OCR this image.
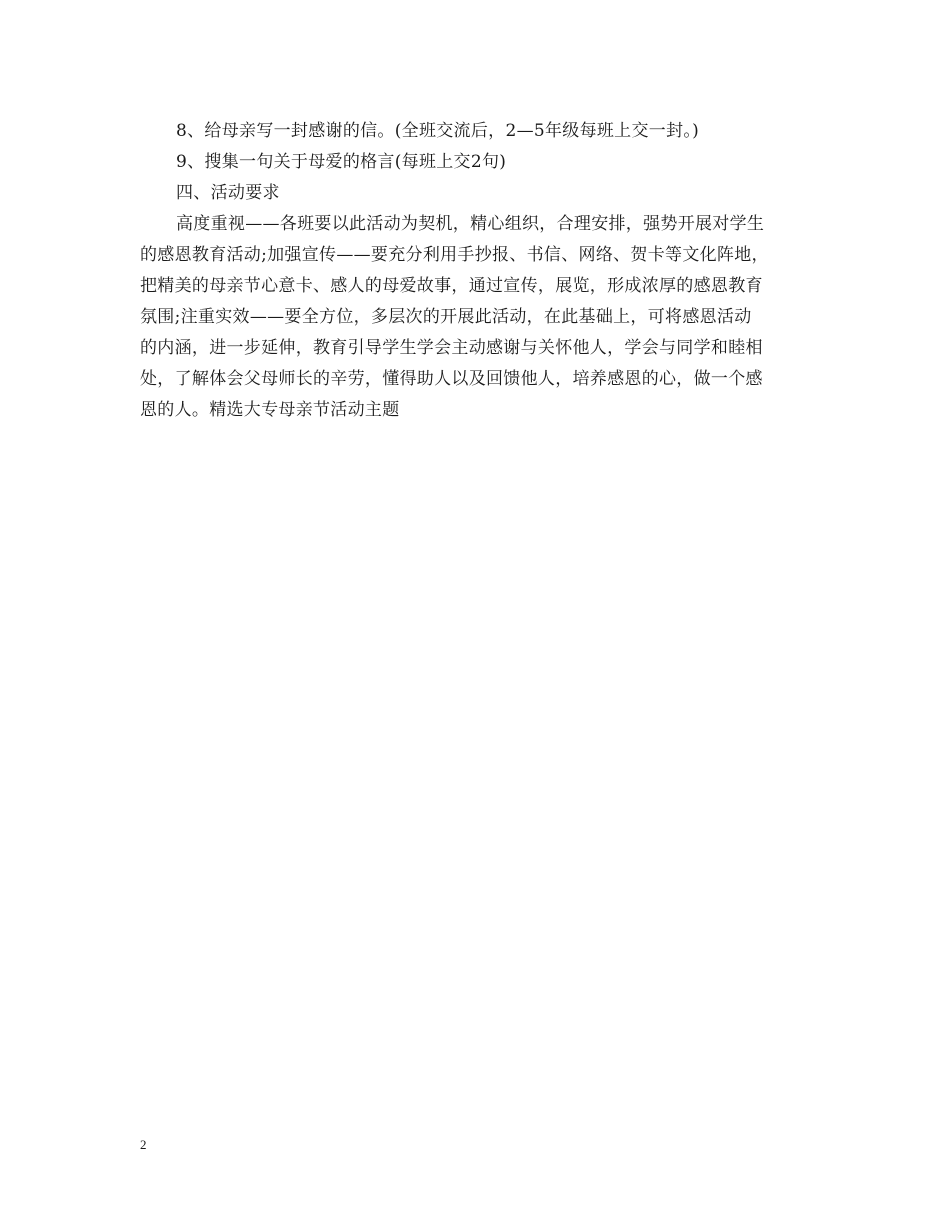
8、给母亲写一封感谢的信。(全班交流后，2—5年级每班上交一封。)
9、搜集一句关于母爱的格言(每班上交2句)
四、活动要求
高度重视——各班要以此活动为契机，精心组织，合理安排，强势开展对学生
的感恩教育活动;加强宣传——要充分利用手抄报、书信、网络、贺卡等文化阵地，
把精美的母亲节心意卡、感人的母爱故事，通过宣传，展览，形成浓厚的感恩教育
氛围;注重实效——要全方位，多层次的开展此活动，在此基础上，可将感恩活动
的内涵，进一步延伸，教育引导学生学会主动感谢与关怀他人，学会与同学和睦相
处，了解体会父母师长的辛劳，懂得助人以及回馈他人，培养感恩的心，做一个感
恩的人。精选大专母亲节活动主题
2
